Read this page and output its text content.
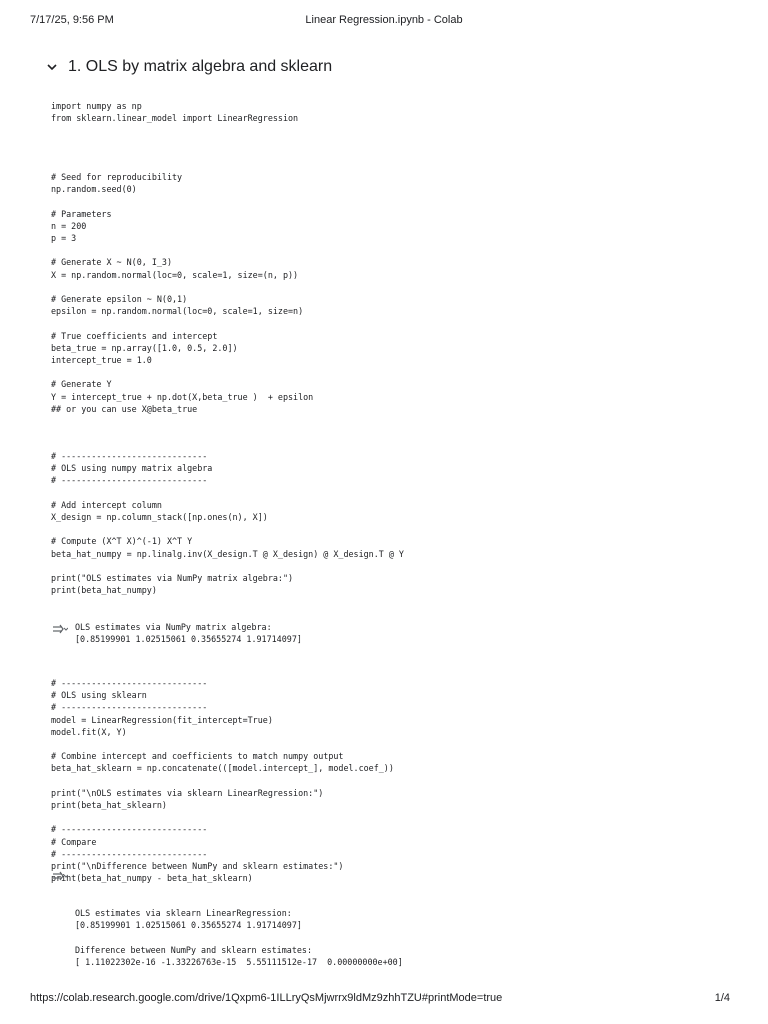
7/17/25, 9:56 PM	Linear Regression.ipynb - Colab
1. OLS by matrix algebra and sklearn
import numpy as np
from sklearn.linear_model import LinearRegression
# Seed for reproducibility
np.random.seed(0)

# Parameters
n = 200
p = 3

# Generate X ~ N(0, I_3)
X = np.random.normal(loc=0, scale=1, size=(n, p))

# Generate epsilon ~ N(0,1)
epsilon = np.random.normal(loc=0, scale=1, size=n)

# True coefficients and intercept
beta_true = np.array([1.0, 0.5, 2.0])
intercept_true = 1.0

# Generate Y
Y = intercept_true + np.dot(X,beta_true )  + epsilon
## or you can use X@beta_true
# -----------------------------
# OLS using numpy matrix algebra
# -----------------------------

# Add intercept column
X_design = np.column_stack([np.ones(n), X])

# Compute (X^T X)^(-1) X^T Y
beta_hat_numpy = np.linalg.inv(X_design.T @ X_design) @ X_design.T @ Y

print("OLS estimates via NumPy matrix algebra:")
print(beta_hat_numpy)
OLS estimates via NumPy matrix algebra:
[0.85199901 1.02515061 0.35655274 1.91714097]
# -----------------------------
# OLS using sklearn
# -----------------------------
model = LinearRegression(fit_intercept=True)
model.fit(X, Y)

# Combine intercept and coefficients to match numpy output
beta_hat_sklearn = np.concatenate(([model.intercept_], model.coef_))

print("\nOLS estimates via sklearn LinearRegression:")
print(beta_hat_sklearn)

# -----------------------------
# Compare
# -----------------------------
print("\nDifference between NumPy and sklearn estimates:")
print(beta_hat_numpy - beta_hat_sklearn)

OLS estimates via sklearn LinearRegression:
[0.85199901 1.02515061 0.35655274 1.91714097]

Difference between NumPy and sklearn estimates:
[ 1.11022302e-16 -1.33226763e-15  5.55111512e-17  0.00000000e+00]
https://colab.research.google.com/drive/1Qxpm6-1ILLryQsMjwrrx9ldMz9zhhTZU#printMode=true	1/4
